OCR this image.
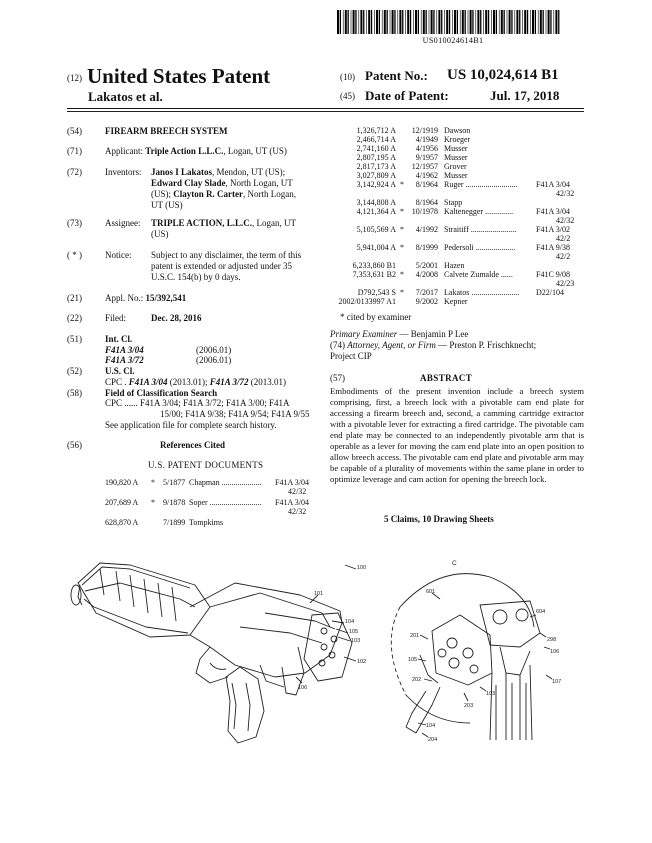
US010024614B1
(12) United States Patent
Lakatos et al.
(10) Patent No.: US 10,024,614 B1
(45) Date of Patent:	Jul. 17, 2018
(54)	FIREARM BREECH SYSTEM
(71)	Applicant: Triple Action L.L.C., Logan, UT (US)
(72)	Inventors: Janos I Lakatos, Mendon, UT (US);
Edward Clay Slade, North Logan, UT
(US); Clayton R. Carter, North Logan,
UT (US)
(73)	Assignee: TRIPLE ACTION, L.L.C., Logan, UT
(US)
( * )	Notice: Subject to any disclaimer, the term of this
patent is extended or adjusted under 35
U.S.C. 154(b) by 0 days.
(21)	Appl. No.: 15/392,541
(22)	Filed:	Dec. 28, 2016
(51)	Int. Cl.
F41A 3/04	(2006.01)
F41A 3/72	(2006.01)
(52)	U.S. Cl.
CPC . F41A 3/04 (2013.01); F41A 3/72 (2013.01)
(58)	Field of Classification Search
CPC ...... F41A 3/04; F41A 3/72; F41A 3/00; F41A
15/00; F41A 9/38; F41A 9/54; F41A 9/55
See application file for complete search history.
(56)	References Cited
U.S. PATENT DOCUMENTS
190,820 A * 5/1877 Chapman .................... F41A 3/04
42/32
207,689 A * 9/1878 Soper .......................... F41A 3/04
42/32
628,870 A	7/1899 Tompkims
1,326,712 A	12/1919 Dawson
2,466,714 A	4/1949 Kroeger
2,741,160 A	4/1956 Musser
2,807,195 A	9/1957 Musser
2,817,173 A	12/1957 Grover
3,027,809 A	4/1962 Musser
3,142,924 A *	8/1964 Ruger .......................... F41A 3/04
42/32
3,144,808 A	8/1964 Stapp
4,121,364 A * 10/1978 Kaltenegger ..............	F41A 3/04
42/32
5,105,569 A *	4/1992 Straitiff ....................... F41A 3/02
42/2
5,941,004 A *	8/1999 Pedersoli ....................	F41A 9/38
42/2
6,233,860 B1	5/2001 Hazen
7,353,631 B2 *	4/2008 Calvete Zumalde ......	F41C 9/08
42/23
D792,543 S *	7/2017 Lakatos ........................ D22/104
2002/0133997 A1	9/2002 Kepner
* cited by examiner
Primary Examiner — Benjamin P Lee
(74) Attorney, Agent, or Firm — Preston P. Frischknecht;
Project CIP
(57)	ABSTRACT
Embodiments of the present invention include a breech system comprising, first, a breech lock with a pivotable cam end plate for accessing a firearm breech and, second, a camming cartridge extractor with a pivotable lever for extracting a fired cartridge. The pivotable cam end plate may be connected to an independently pivotable arm that is operable as a lever for moving the cam end plate into an open position to allow breech access. The pivotable cam end plate and pivotable arm may be capable of a plurality of movements within the same plane in order to optimize leverage and cam action for opening the breech lock.
5 Claims, 10 Drawing Sheets
100
101
104
105
103
102
106
C
604
601
298
201
106
105
107
202
103
203
104
204
